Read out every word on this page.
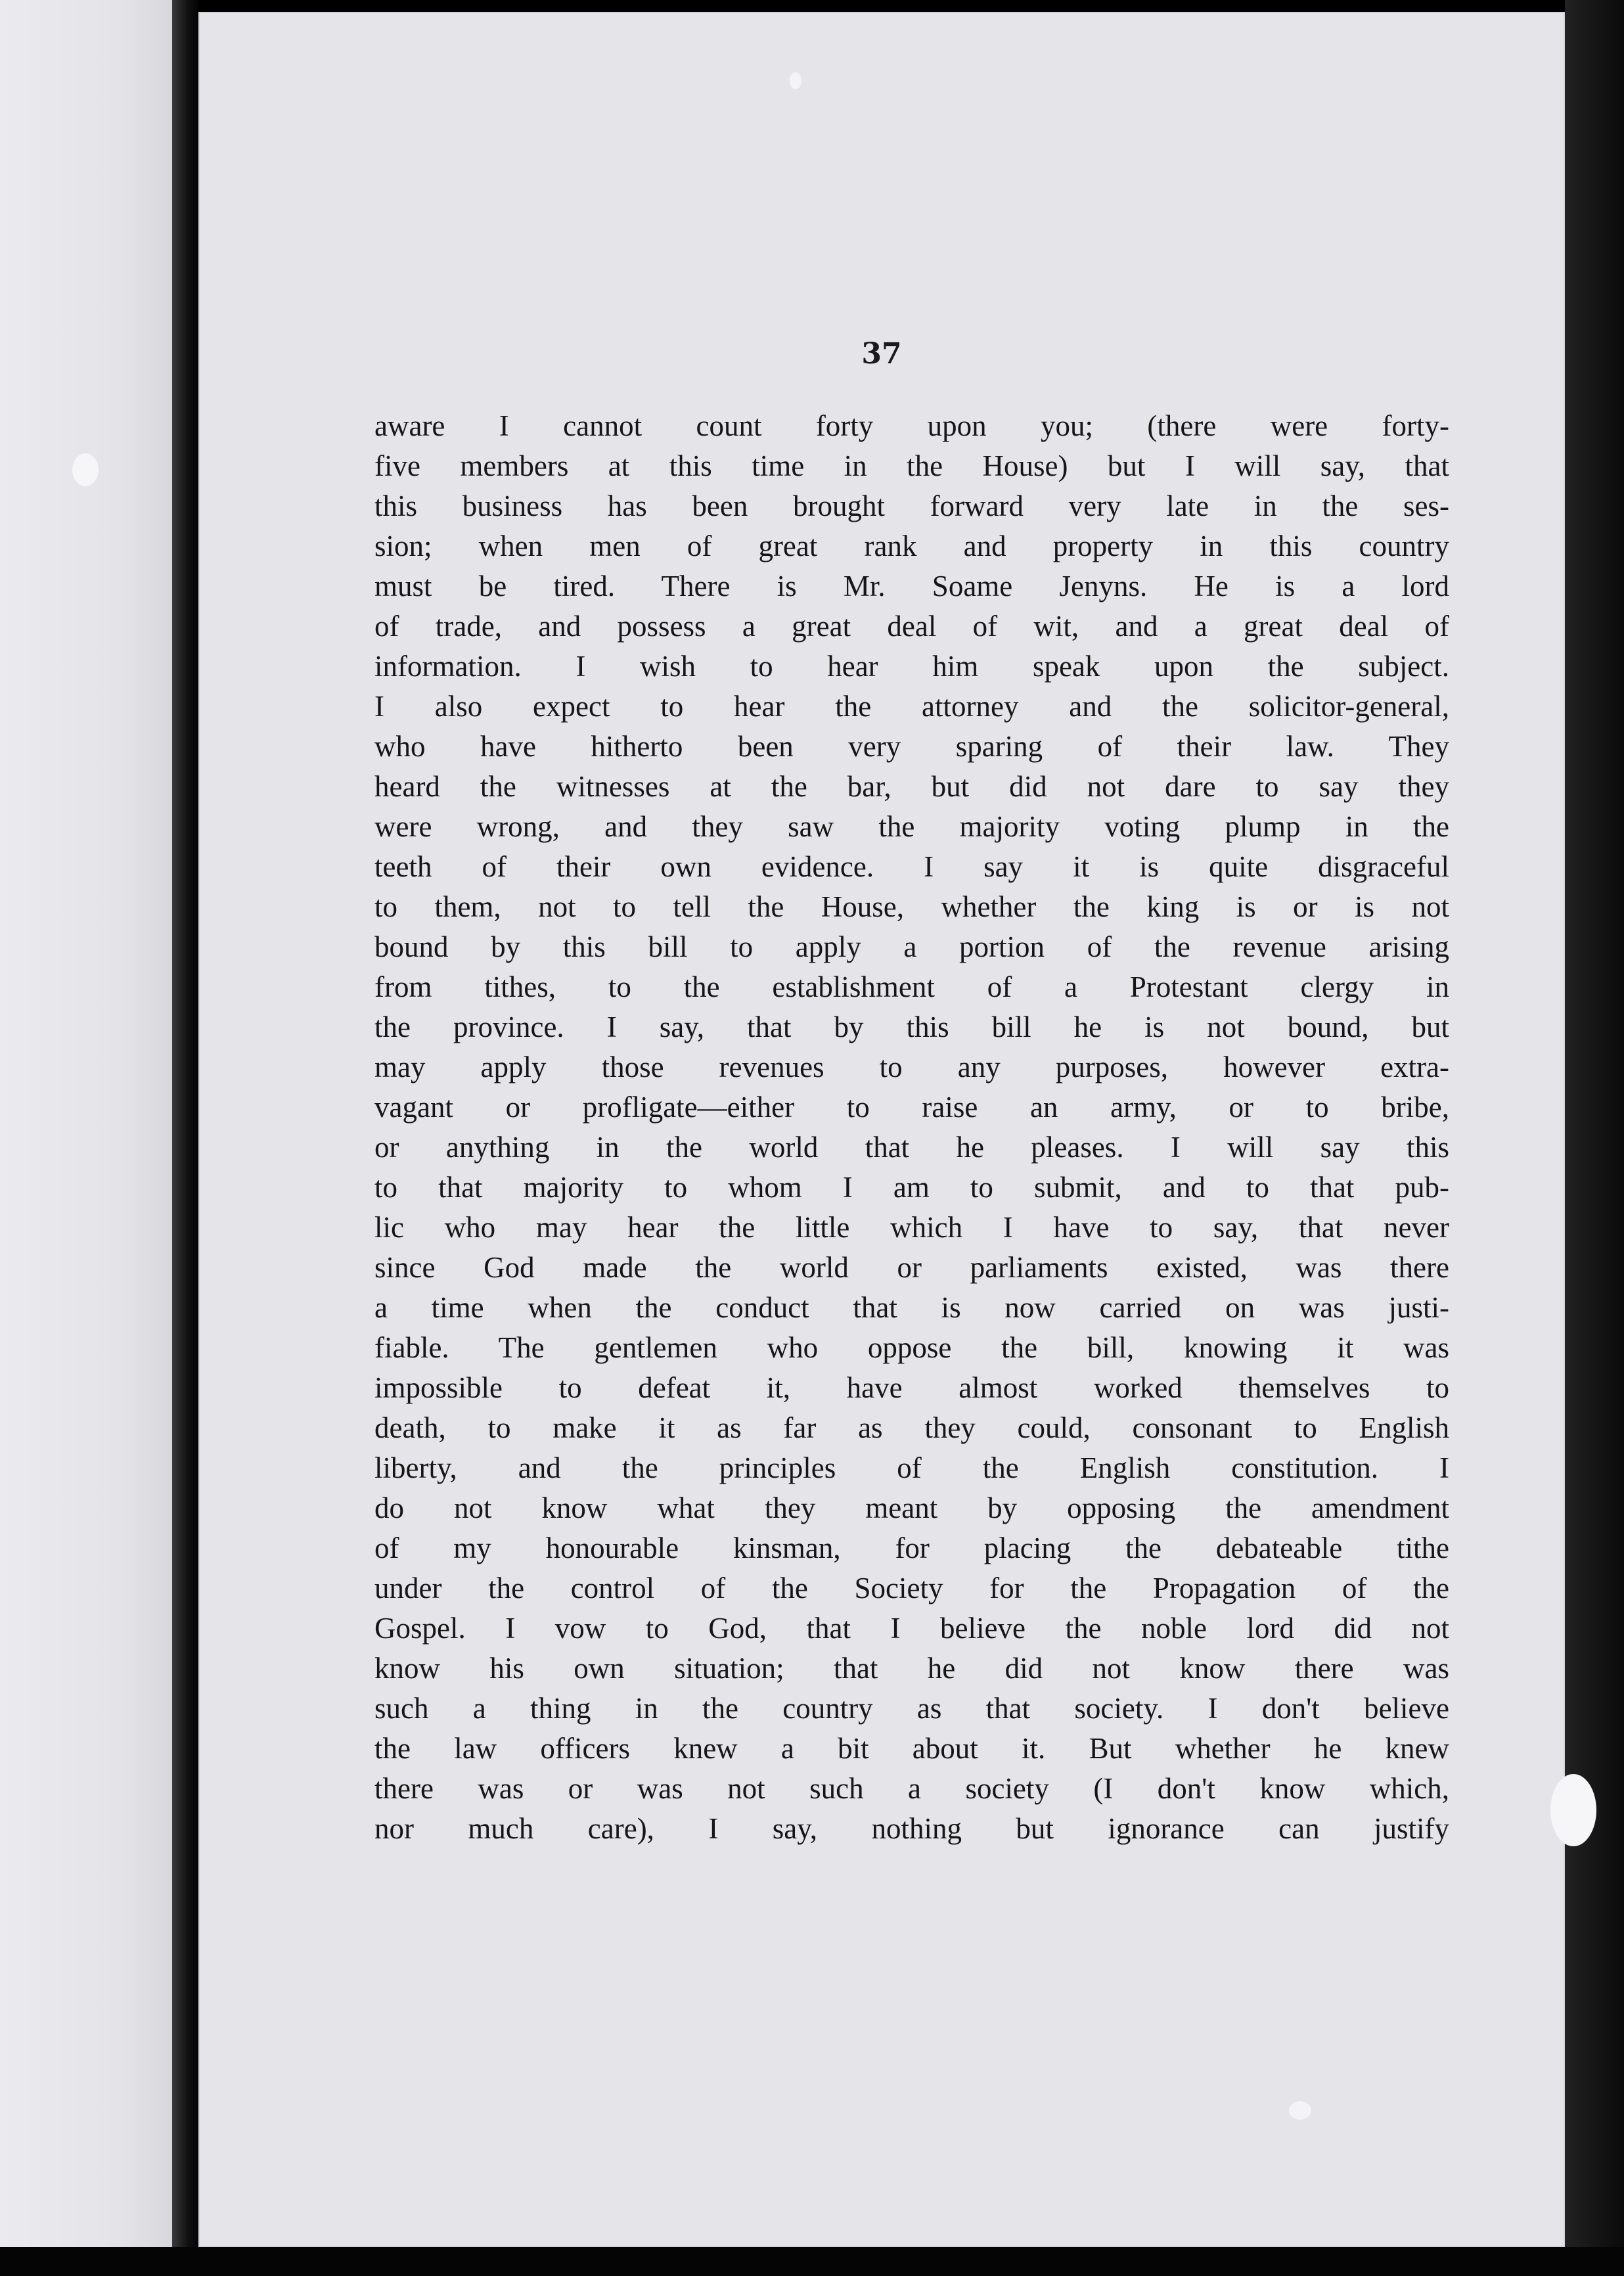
37
aware I cannot count forty upon you; (there were forty-
five members at this time in the House) but I will say, that
this business has been brought forward very late in the ses-
sion; when men of great rank and property in this country
must be tired. There is Mr. Soame Jenyns. He is a lord
of trade, and possess a great deal of wit, and a great deal of
information. I wish to hear him speak upon the subject.
I also expect to hear the attorney and the solicitor-general,
who have hitherto been very sparing of their law. They
heard the witnesses at the bar, but did not dare to say they
were wrong, and they saw the majority voting plump in the
teeth of their own evidence. I say it is quite disgraceful
to them, not to tell the House, whether the king is or is not
bound by this bill to apply a portion of the revenue arising
from tithes, to the establishment of a Protestant clergy in
the province. I say, that by this bill he is not bound, but
may apply those revenues to any purposes, however extra-
vagant or profligate—either to raise an army, or to bribe,
or anything in the world that he pleases. I will say this
to that majority to whom I am to submit, and to that pub-
lic who may hear the little which I have to say, that never
since God made the world or parliaments existed, was there
a time when the conduct that is now carried on was justi-
fiable. The gentlemen who oppose the bill, knowing it was
impossible to defeat it, have almost worked themselves to
death, to make it as far as they could, consonant to English
liberty, and the principles of the English constitution. I
do not know what they meant by opposing the amendment
of my honourable kinsman, for placing the debateable tithe
under the control of the Society for the Propagation of the
Gospel. I vow to God, that I believe the noble lord did not
know his own situation; that he did not know there was
such a thing in the country as that society. I don't believe
the law officers knew a bit about it. But whether he knew
there was or was not such a society (I don't know which,
nor much care), I say, nothing but ignorance can justify
